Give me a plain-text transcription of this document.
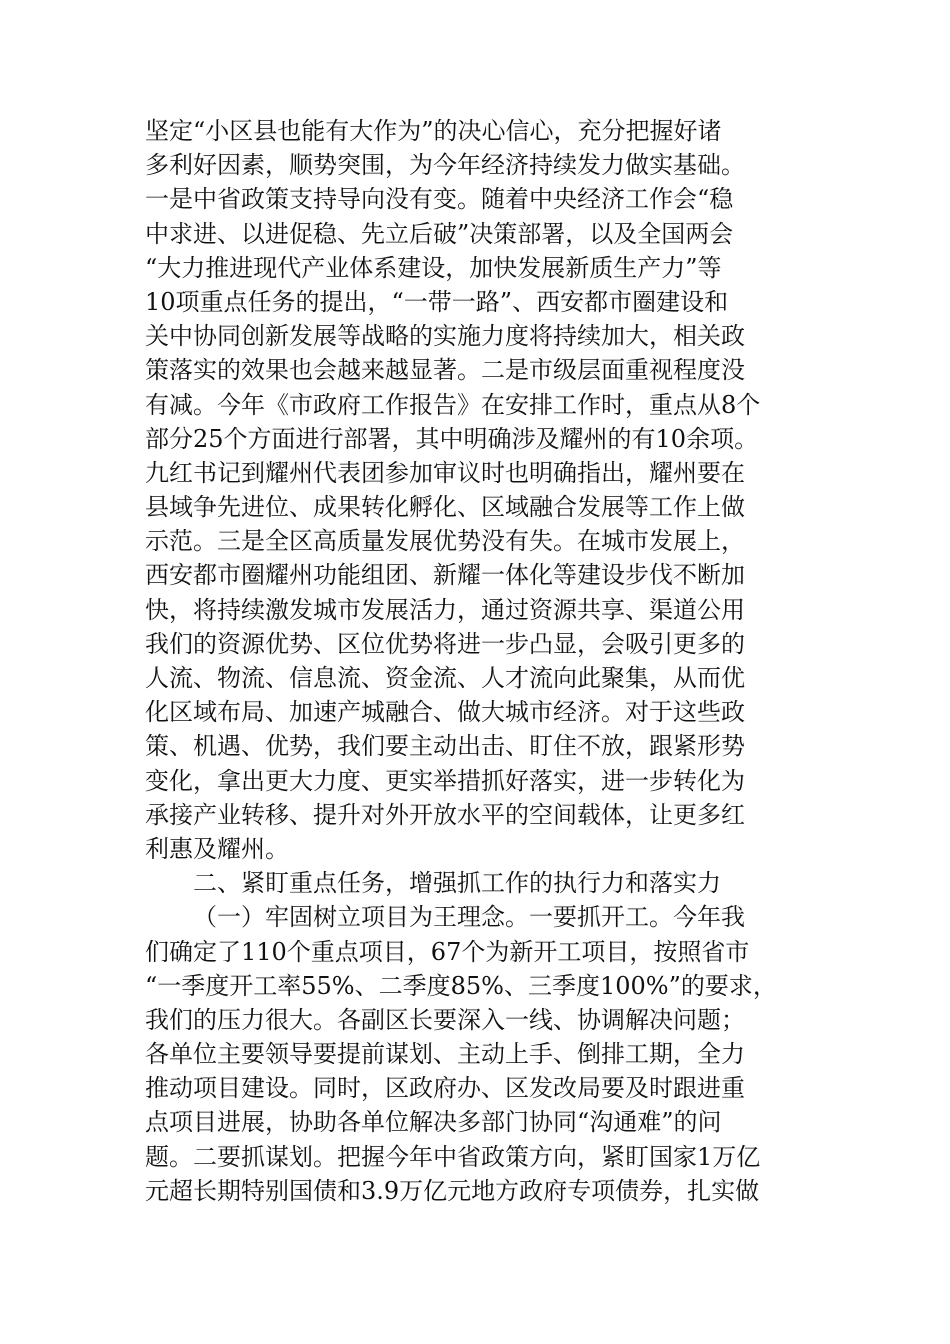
坚定“小区县也能有大作为”的决心信心，充分把握好诸
多利好因素，顺势突围，为今年经济持续发力做实基础。
一是中省政策支持导向没有变。随着中央经济工作会“稳
中求进、以进促稳、先立后破”决策部署，以及全国两会
“大力推进现代产业体系建设，加快发展新质生产力”等
10项重点任务的提出，“一带一路”、西安都市圈建设和
关中协同创新发展等战略的实施力度将持续加大，相关政
策落实的效果也会越来越显著。二是市级层面重视程度没
有减。今年《市政府工作报告》在安排工作时，重点从8个
部分25个方面进行部署，其中明确涉及耀州的有10余项。
九红书记到耀州代表团参加审议时也明确指出，耀州要在
县域争先进位、成果转化孵化、区域融合发展等工作上做
示范。三是全区高质量发展优势没有失。在城市发展上，
西安都市圈耀州功能组团、新耀一体化等建设步伐不断加
快，将持续激发城市发展活力，通过资源共享、渠道公用
我们的资源优势、区位优势将进一步凸显，会吸引更多的
人流、物流、信息流、资金流、人才流向此聚集，从而优
化区域布局、加速产城融合、做大城市经济。对于这些政
策、机遇、优势，我们要主动出击、盯住不放，跟紧形势
变化，拿出更大力度、更实举措抓好落实，进一步转化为
承接产业转移、提升对外开放水平的空间载体，让更多红
利惠及耀州。
二、紧盯重点任务，增强抓工作的执行力和落实力
（一）牢固树立项目为王理念。一要抓开工。今年我
们确定了110个重点项目，67个为新开工项目，按照省市
“一季度开工率55%、二季度85%、三季度100%”的要求，
我们的压力很大。各副区长要深入一线、协调解决问题；
各单位主要领导要提前谋划、主动上手、倒排工期，全力
推动项目建设。同时，区政府办、区发改局要及时跟进重
点项目进展，协助各单位解决多部门协同“沟通难”的问
题。二要抓谋划。把握今年中省政策方向，紧盯国家1万亿
元超长期特别国债和3.9万亿元地方政府专项债券，扎实做
